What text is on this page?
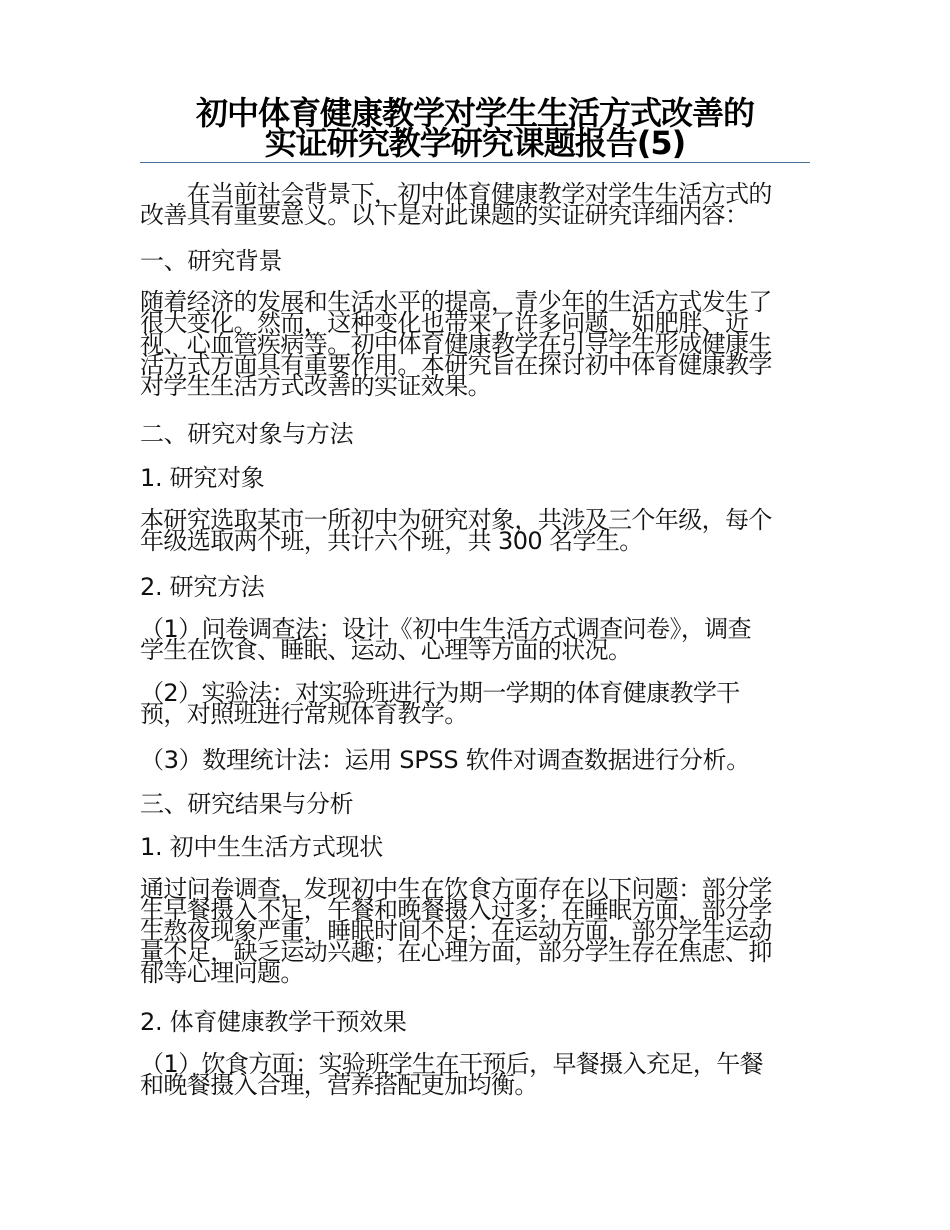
初中体育健康教学对学生生活方式改善的
实证研究教学研究课题报告(5)
　　在当前社会背景下，初中体育健康教学对学生生活方式的
改善具有重要意义。以下是对此课题的实证研究详细内容：
一、研究背景
随着经济的发展和生活水平的提高，青少年的生活方式发生了
很大变化。然而，这种变化也带来了许多问题，如肥胖、近
视、心血管疾病等。初中体育健康教学在引导学生形成健康生
活方式方面具有重要作用。本研究旨在探讨初中体育健康教学
对学生生活方式改善的实证效果。
二、研究对象与方法
1. 研究对象
本研究选取某市一所初中为研究对象，共涉及三个年级，每个
年级选取两个班，共计六个班，共 300 名学生。
2. 研究方法
（1）问卷调查法：设计《初中生生活方式调查问卷》，调查
学生在饮食、睡眠、运动、心理等方面的状况。
（2）实验法：对实验班进行为期一学期的体育健康教学干
预，对照班进行常规体育教学。
（3）数理统计法：运用 SPSS 软件对调查数据进行分析。
三、研究结果与分析
1. 初中生生活方式现状
通过问卷调查，发现初中生在饮食方面存在以下问题：部分学
生早餐摄入不足，午餐和晚餐摄入过多；在睡眠方面，部分学
生熬夜现象严重，睡眠时间不足；在运动方面，部分学生运动
量不足，缺乏运动兴趣；在心理方面，部分学生存在焦虑、抑
郁等心理问题。
2. 体育健康教学干预效果
（1）饮食方面：实验班学生在干预后，早餐摄入充足，午餐
和晚餐摄入合理，营养搭配更加均衡。
